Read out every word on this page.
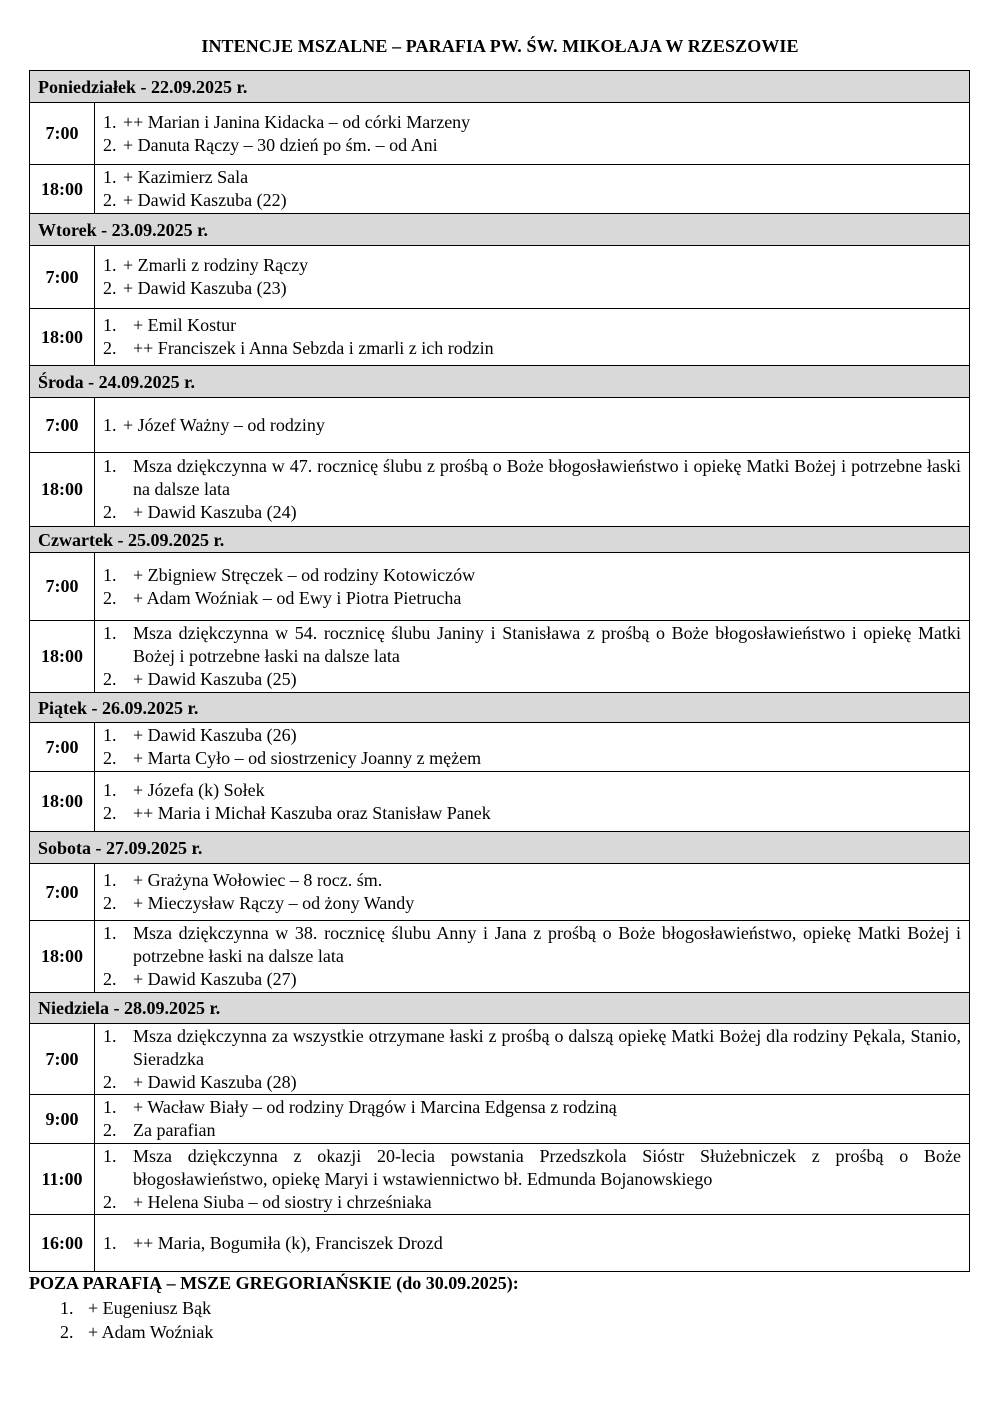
INTENCJE MSZALNE – PARAFIA PW. ŚW. MIKOŁAJA W RZESZOWIE
Poniedziałek - 22.09.2025 r.	
7:00	1. ++ Marian i Janina Kidacka – od córki Marzeny
2. + Danuta Rączy – 30 dzień po śm. – od Ani

18:00	1. + Kazimierz Sala
2. + Dawid Kaszuba (22)

Wtorek - 23.09.2025 r.	
7:00	1. + Zmarli z rodziny Rączy
2. + Dawid Kaszuba (23)

18:00	1. + Emil Kostur
2. ++ Franciszek i Anna Sebzda i zmarli z ich rodzin

Środa - 24.09.2025 r.	
7:00	1. + Józef Ważny – od rodziny

18:00	1. Msza dziękczynna w 47. rocznicę ślubu z prośbą o Boże błogosławieństwo i opiekę Matki Bożej i potrzebne łaski na dalsze lata
2. + Dawid Kaszuba (24)

Czwartek - 25.09.2025 r.	
7:00	1. + Zbigniew Stręczek – od rodziny Kotowiczów
2. + Adam Woźniak – od Ewy i Piotra Pietrucha

18:00	1. Msza dziękczynna w 54. rocznicę ślubu Janiny i Stanisława z prośbą o Boże błogosławieństwo i opiekę Matki Bożej i potrzebne łaski na dalsze lata
2. + Dawid Kaszuba (25)

Piątek - 26.09.2025 r.	
7:00	1. + Dawid Kaszuba (26)
2. + Marta Cyło – od siostrzenicy Joanny z mężem

18:00	1. + Józefa (k) Sołek
2. ++ Maria i Michał Kaszuba oraz Stanisław Panek

Sobota - 27.09.2025 r.	
7:00	1. + Grażyna Wołowiec – 8 rocz. śm.
2. + Mieczysław Rączy – od żony Wandy

18:00	1. Msza dziękczynna w 38. rocznicę ślubu Anny i Jana z prośbą o Boże błogosławieństwo, opiekę Matki Bożej i potrzebne łaski na dalsze lata
2. + Dawid Kaszuba (27)

Niedziela - 28.09.2025 r.	
7:00	1. Msza dziękczynna za wszystkie otrzymane łaski z prośbą o dalszą opiekę Matki Bożej dla rodziny Pękala, Stanio, Sieradzka
2. + Dawid Kaszuba (28)

9:00	1. + Wacław Biały – od rodziny Drągów i Marcina Edgensa z rodziną
2. Za parafian

11:00	1. Msza dziękczynna z okazji 20-lecia powstania Przedszkola Sióstr Służebniczek z prośbą o Boże błogosławieństwo, opiekę Maryi i wstawiennictwo bł. Edmunda Bojanowskiego
2. + Helena Siuba – od siostry i chrześniaka

16:00	1. ++ Maria, Bogumiła (k), Franciszek Drozd
POZA PARAFIĄ – MSZE GREGORIAŃSKIE (do 30.09.2025):
1. + Eugeniusz Bąk
2. + Adam Woźniak
